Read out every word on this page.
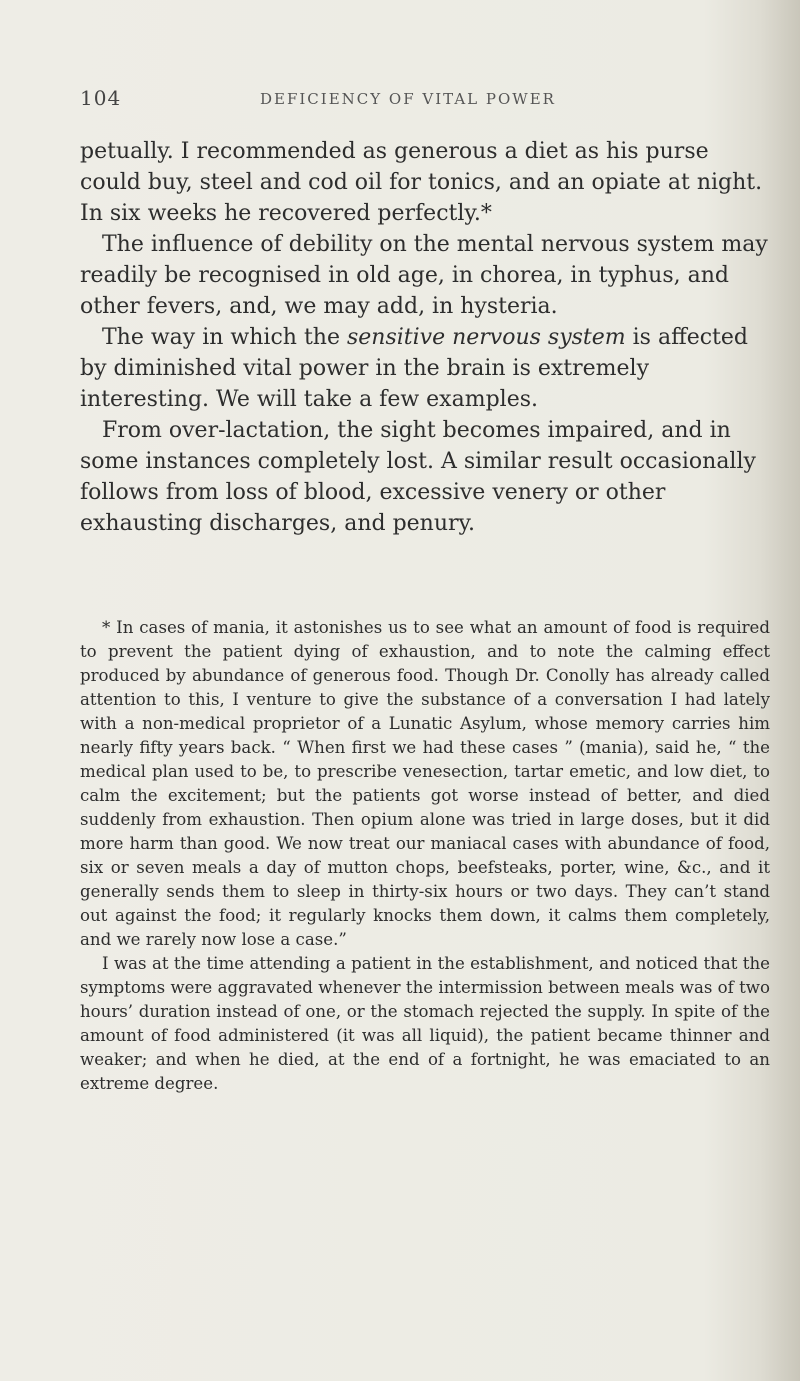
104	DEFICIENCY OF VITAL POWER

petually. I recommended as generous a diet as his purse could buy, steel and cod oil for tonics, and an opiate at night. In six weeks he recovered perfectly.*

The influence of debility on the mental nervous system may readily be recognised in old age, in chorea, in typhus, and other fevers, and, we may add, in hysteria.

The way in which the sensitive nervous system is affected by diminished vital power in the brain is extremely interesting. We will take a few examples.

From over-lactation, the sight becomes impaired, and in some instances completely lost. A similar result occasionally follows from loss of blood, excessive venery or other exhausting discharges, and penury.

* In cases of mania, it astonishes us to see what an amount of food is required to prevent the patient dying of exhaustion, and to note the calming effect produced by abundance of generous food. Though Dr. Conolly has already called attention to this, I venture to give the substance of a conversation I had lately with a non-medical proprietor of a Lunatic Asylum, whose memory carries him nearly fifty years back. “ When first we had these cases ” (mania), said he, “ the medical plan used to be, to prescribe venesection, tartar emetic, and low diet, to calm the excitement; but the patients got worse instead of better, and died suddenly from exhaustion. Then opium alone was tried in large doses, but it did more harm than good. We now treat our maniacal cases with abundance of food, six or seven meals a day of mutton chops, beefsteaks, porter, wine, &c., and it generally sends them to sleep in thirty-six hours or two days. They can’t stand out against the food; it regularly knocks them down, it calms them completely, and we rarely now lose a case.”

I was at the time attending a patient in the establishment, and noticed that the symptoms were aggravated whenever the intermission between meals was of two hours’ duration instead of one, or the stomach rejected the supply. In spite of the amount of food administered (it was all liquid), the patient became thinner and weaker; and when he died, at the end of a fortnight, he was emaciated to an extreme degree.
